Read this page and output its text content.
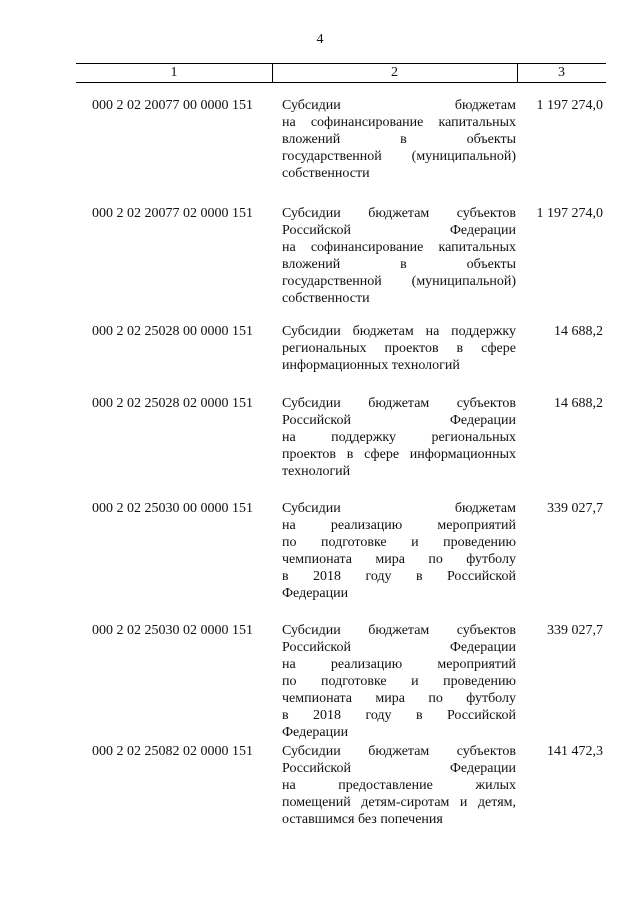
4
1	2	3
000 2 02 20077 00 0000 151 Субсидии бюджетам
на софинансирование капитальных
вложений в объекты
государственной (муниципальной)
собственности
1 197 274,0
000 2 02 20077 02 0000 151 Субсидии бюджетам субъектов
Российской Федерации
на софинансирование капитальных
вложений в объекты
государственной (муниципальной)
собственности
1 197 274,0
000 2 02 25028 00 0000 151 Субсидии бюджетам на поддержку
региональных проектов в сфере
информационных технологий
14 688,2
000 2 02 25028 02 0000 151 Субсидии бюджетам субъектов
Российской Федерации
на поддержку региональных
проектов в сфере информационных
технологий
14 688,2
000 2 02 25030 00 0000 151 Субсидии бюджетам
на реализацию мероприятий
по подготовке и проведению
чемпионата мира по футболу
в 2018 году в Российской
Федерации
339 027,7
000 2 02 25030 02 0000 151 Субсидии бюджетам субъектов
Российской Федерации
на реализацию мероприятий
по подготовке и проведению
чемпионата мира по футболу
в 2018 году в Российской
Федерации
339 027,7
000 2 02 25082 02 0000 151 Субсидии бюджетам субъектов
Российской Федерации
на предоставление жилых
помещений детям-сиротам и детям,
оставшимся без попечения
141 472,3
